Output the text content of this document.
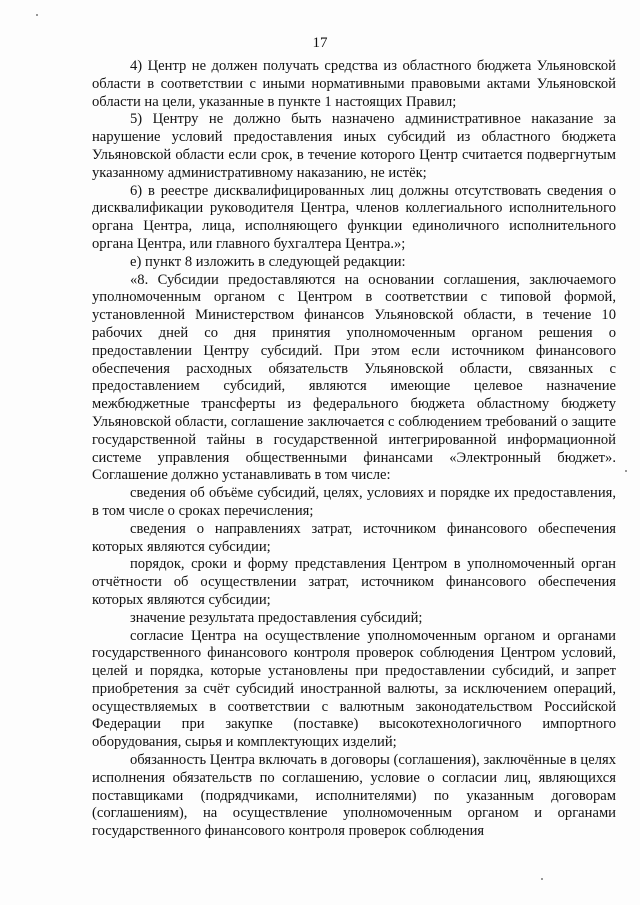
17

4) Центр не должен получать средства из областного бюджета Ульяновской области в соответствии с иными нормативными правовыми актами Ульяновской области на цели, указанные в пункте 1 настоящих Правил;

5) Центру не должно быть назначено административное наказание за нарушение условий предоставления иных субсидий из областного бюджета Ульяновской области если срок, в течение которого Центр считается подвергнутым указанному административному наказанию, не истёк;

6) в реестре дисквалифицированных лиц должны отсутствовать сведения о дисквалификации руководителя Центра, членов коллегиального исполнительного органа Центра, лица, исполняющего функции единоличного исполнительного органа Центра, или главного бухгалтера Центра.»;

е) пункт 8 изложить в следующей редакции:

«8. Субсидии предоставляются на основании соглашения, заключаемого уполномоченным органом с Центром в соответствии с типовой формой, установленной Министерством финансов Ульяновской области, в течение 10 рабочих дней со дня принятия уполномоченным органом решения о предоставлении Центру субсидий. При этом если источником финансового обеспечения расходных обязательств Ульяновской области, связанных с предоставлением субсидий, являются имеющие целевое назначение межбюджетные трансферты из федерального бюджета областному бюджету Ульяновской области, соглашение заключается с соблюдением требований о защите государственной тайны в государственной интегрированной информационной системе управления общественными финансами «Электронный бюджет». Соглашение должно устанавливать в том числе:

сведения об объёме субсидий, целях, условиях и порядке их предоставления, в том числе о сроках перечисления;

сведения о направлениях затрат, источником финансового обеспечения которых являются субсидии;

порядок, сроки и форму представления Центром в уполномоченный орган отчётности об осуществлении затрат, источником финансового обеспечения которых являются субсидии;

значение результата предоставления субсидий;

согласие Центра на осуществление уполномоченным органом и органами государственного финансового контроля проверок соблюдения Центром условий, целей и порядка, которые установлены при предоставлении субсидий, и запрет приобретения за счёт субсидий иностранной валюты, за исключением операций, осуществляемых в соответствии с валютным законодательством Российской Федерации при закупке (поставке) высокотехнологичного импортного оборудования, сырья и комплектующих изделий;

обязанность Центра включать в договоры (соглашения), заключённые в целях исполнения обязательств по соглашению, условие о согласии лиц, являющихся поставщиками (подрядчиками, исполнителями) по указанным договорам (соглашениям), на осуществление уполномоченным органом и органами государственного финансового контроля проверок соблюдения
